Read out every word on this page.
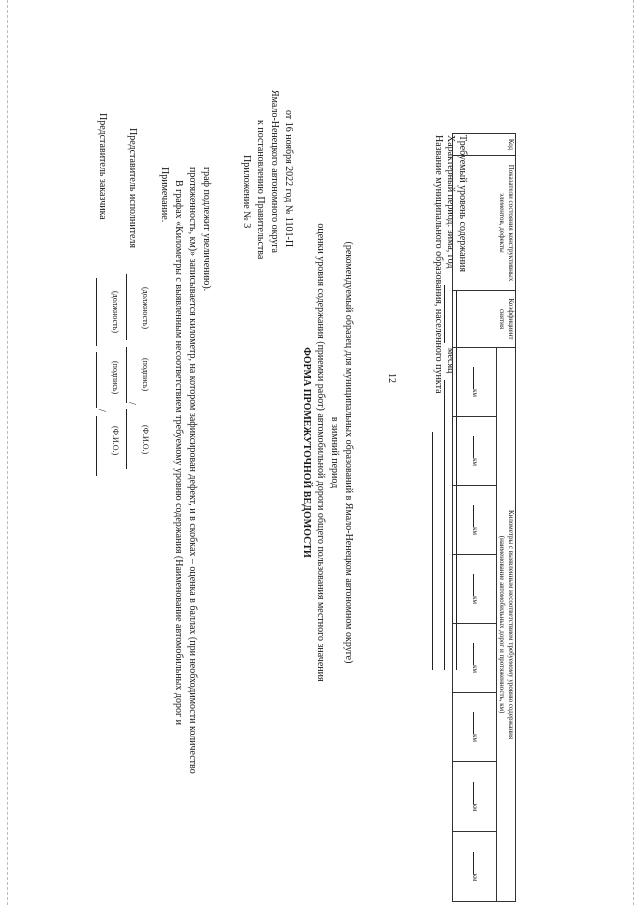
12
Представитель заказчика
/
(должность)
(подпись)
(Ф.И.О.)
Представитель исполнителя
/
(должность)
(подпись)
(Ф.И.О.)
Примечание. В графах «Километры с выявленным несоответствием требуемому уровню содержания (Наименование автомобильных дорог и протяженность, км)» записывается километр, на котором зафиксирован дефект, и в скобках – оценка в баллах (при необходимости количество граф подлежит увеличению).	Приложение № 3 к постановлению Правительства Ямало-Ненецкого автономного округа от 16 ноября 2022 год № 1101-П
ФОРМА ПРОМЕЖУТОЧНОЙ ВЕДОМОСТИ оценки уровня содержания (приемки работ) автомобильной дороги общего пользования местного значения в зимний период (рекомендуемый образец для муниципальных образований в Ямало-Ненецком автономном округе)	Название муниципального образования, населенного пункта Характерный период: зима, год
месяц
Требуемый уровень содержания	Код	Показатели состояния конструктивных элементов, дефекты	Коэффициент снятия	Километры с выявленным несоответствием требуемому уровню содержания
(наименование автомобильных дорог и протяженность, км)							

			км	км	км	км	км	км	км	км
